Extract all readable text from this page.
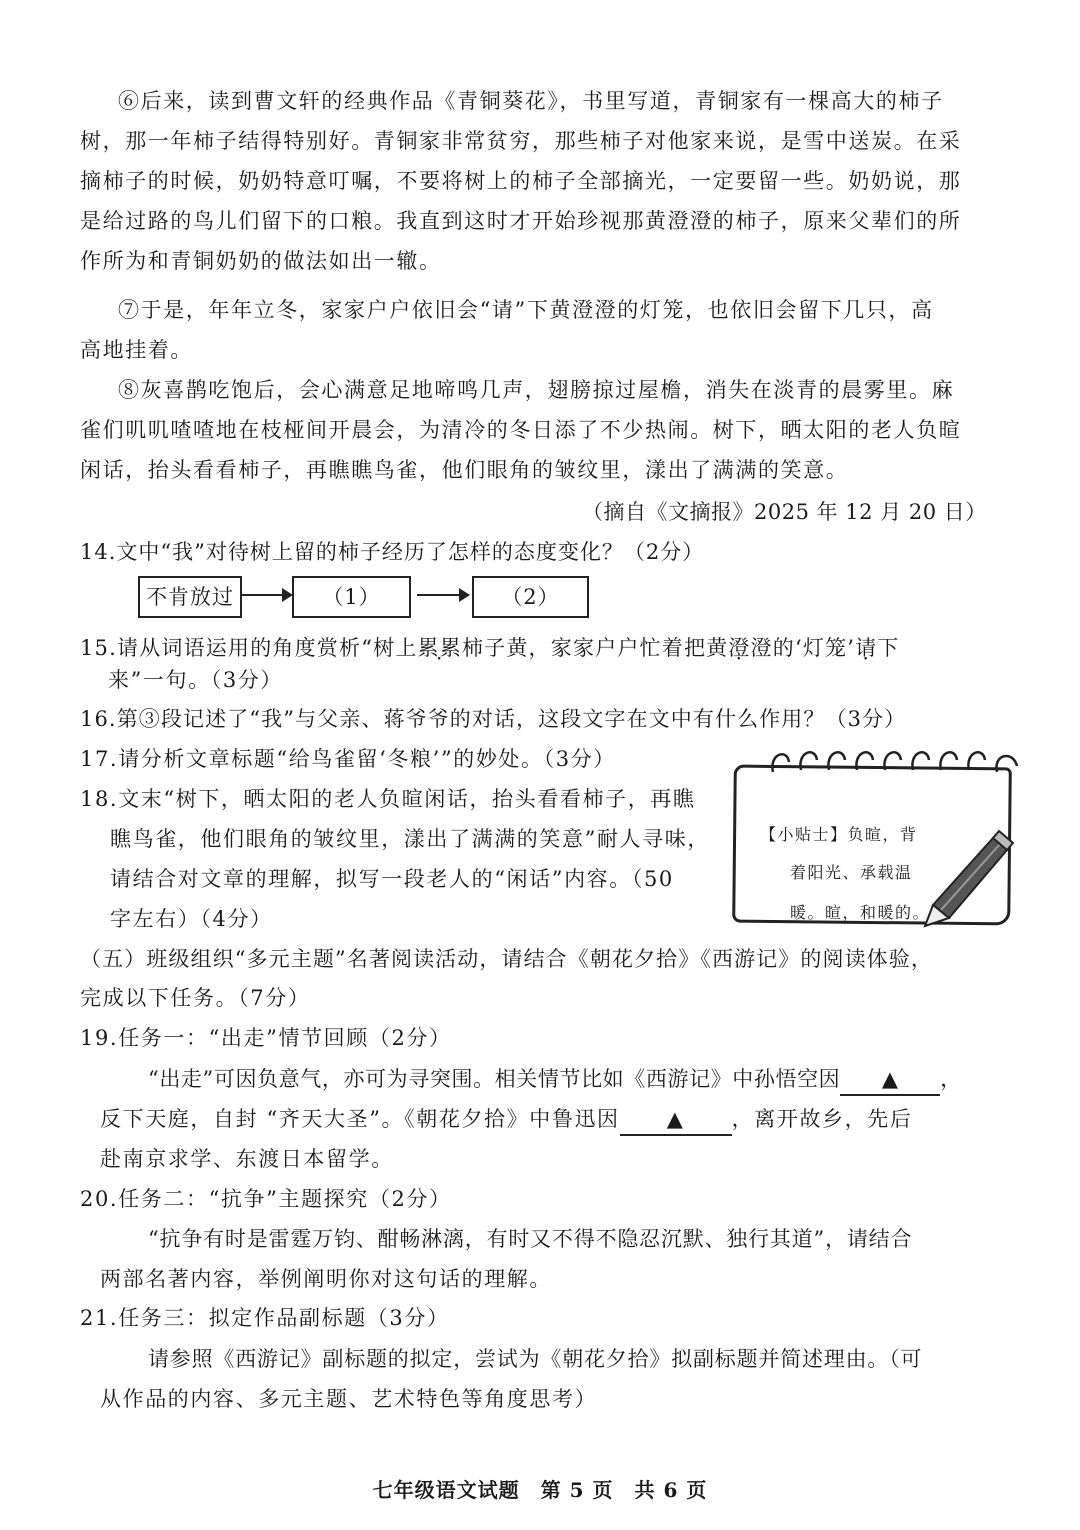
⑥后来，读到曹文轩的经典作品《青铜葵花》，书里写道，青铜家有一棵高大的柿子
树，那一年柿子结得特别好。青铜家非常贫穷，那些柿子对他家来说，是雪中送炭。在采
摘柿子的时候，奶奶特意叮嘱，不要将树上的柿子全部摘光，一定要留一些。奶奶说，那
是给过路的鸟儿们留下的口粮。我直到这时才开始珍视那黄澄澄的柿子，原来父辈们的所
作所为和青铜奶奶的做法如出一辙。
⑦于是，年年立冬，家家户户依旧会“请”下黄澄澄的灯笼，也依旧会留下几只，高
高地挂着。
⑧灰喜鹊吃饱后，会心满意足地啼鸣几声，翅膀掠过屋檐，消失在淡青的晨雾里。麻
雀们叽叽喳喳地在枝桠间开晨会，为清冷的冬日添了不少热闹。树下，晒太阳的老人负暄
闲话，抬头看看柿子，再瞧瞧鸟雀，他们眼角的皱纹里，漾出了满满的笑意。
（摘自《文摘报》2025 年 12 月 20 日）
14.文中“我”对待树上留的柿子经历了怎样的态度变化？（2分）
不肯放过	（1）	（2）
15.请从词语运用的角度赏析“树上累累柿子黄，家家户户忙着把黄澄澄的‘灯笼’请下
来”一句。（3分）
16.第③段记述了“我”与父亲、蒋爷爷的对话，这段文字在文中有什么作用？（3分）
17.请分析文章标题“给鸟雀留‘冬粮’”的妙处。（3分）
18.文末“树下，晒太阳的老人负暄闲话，抬头看看柿子，再瞧
瞧鸟雀，他们眼角的皱纹里，漾出了满满的笑意”耐人寻味，
请结合对文章的理解，拟写一段老人的“闲话”内容。（50
字左右）（4分）
【小贴士】负暄，背
着阳光、承载温
暖。暄，和暖的。
（五）班级组织“多元主题”名著阅读活动，请结合《朝花夕拾》《西游记》的阅读体验，
完成以下任务。（7分）
19.任务一：“出走”情节回顾（2分）
“出走”可因负意气，亦可为寻突围。相关情节比如《西游记》中孙悟空因 ▲ ，
反下天庭，自封 “齐天大圣”。《朝花夕拾》中鲁迅因 ▲ ，离开故乡，先后
赴南京求学、东渡日本留学。
20.任务二：“抗争”主题探究（2分）
“抗争有时是雷霆万钧、酣畅淋漓，有时又不得不隐忍沉默、独行其道”，请结合
两部名著内容，举例阐明你对这句话的理解。
21.任务三：拟定作品副标题（3分）
请参照《西游记》副标题的拟定，尝试为《朝花夕拾》拟副标题并简述理由。（可
从作品的内容、多元主题、艺术特色等角度思考）
七年级语文试题　第 5 页　共 6 页
